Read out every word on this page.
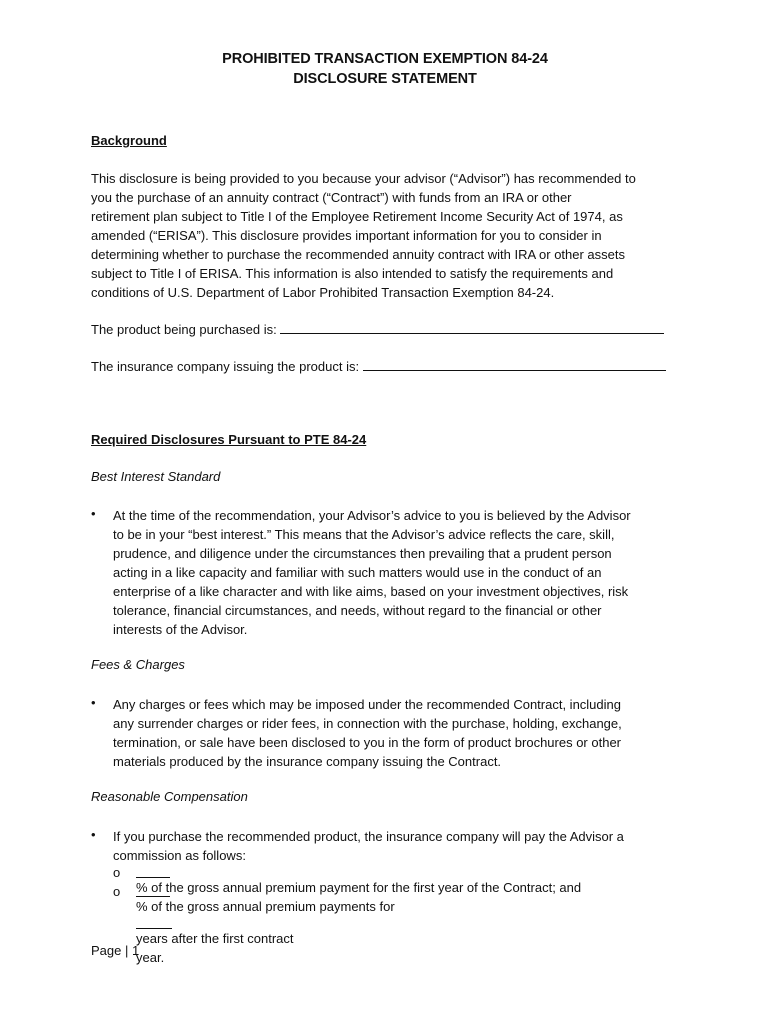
PROHIBITED TRANSACTION EXEMPTION 84-24
DISCLOSURE STATEMENT
Background
This disclosure is being provided to you because your advisor (“Advisor”) has recommended to
you the purchase of an annuity contract (“Contract”) with funds from an IRA or other
retirement plan subject to Title I of the Employee Retirement Income Security Act of 1974, as
amended (“ERISA”). This disclosure provides important information for you to consider in
determining whether to purchase the recommended annuity contract with IRA or other assets
subject to Title I of ERISA. This information is also intended to satisfy the requirements and
conditions of U.S. Department of Labor Prohibited Transaction Exemption 84-24.
The product being purchased is:
The insurance company issuing the product is:
Required Disclosures Pursuant to PTE 84-24
Best Interest Standard
• At the time of the recommendation, your Advisor’s advice to you is believed by the Advisor
to be in your “best interest.” This means that the Advisor’s advice reflects the care, skill,
prudence, and diligence under the circumstances then prevailing that a prudent person
acting in a like capacity and familiar with such matters would use in the conduct of an
enterprise of a like character and with like aims, based on your investment objectives, risk
tolerance, financial circumstances, and needs, without regard to the financial or other
interests of the Advisor.
Fees & Charges
• Any charges or fees which may be imposed under the recommended Contract, including
any surrender charges or rider fees, in connection with the purchase, holding, exchange,
termination, or sale have been disclosed to you in the form of product brochures or other
materials produced by the insurance company issuing the Contract.
Reasonable Compensation
• If you purchase the recommended product, the insurance company will pay the Advisor a
commission as follows:
o
% of the gross annual premium payment for the first year of the Contract; and
o
% of the gross annual premium payments for
years after the first contract
year.
Page | 1
